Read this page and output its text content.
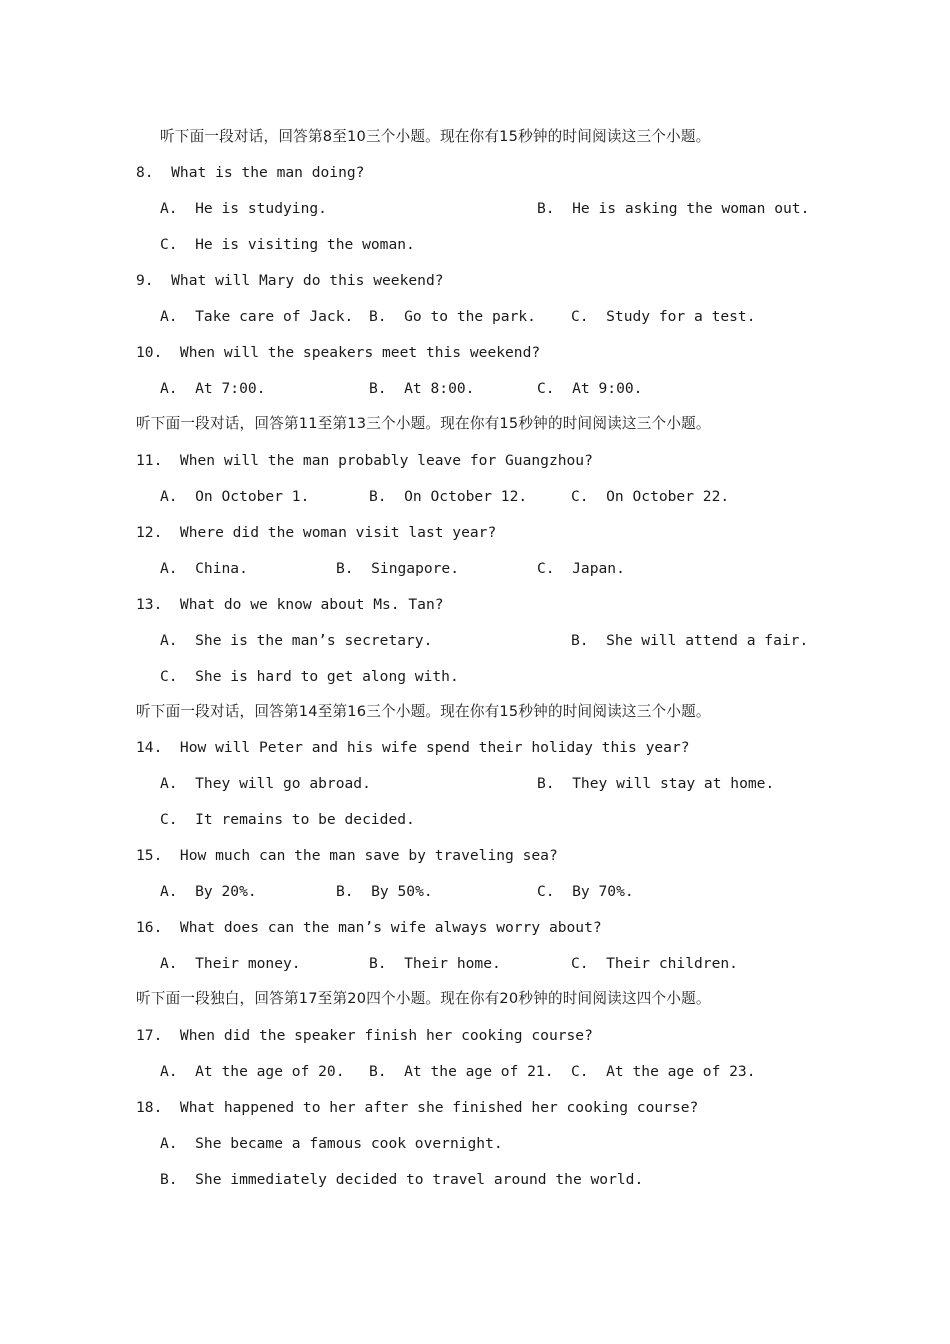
听下面一段对话，回答第8至10三个小题。现在你有15秒钟的时间阅读这三个小题。
8.  What is the man doing?
A.  He is studying.	B.  He is asking the woman out.
C.  He is visiting the woman.
9.  What will Mary do this weekend?
A.  Take care of Jack. B.  Go to the park. C.  Study for a test.
10.  When will the speakers meet this weekend?
A.  At 7:00.	B.  At 8:00.	C.  At 9:00.
听下面一段对话，回答第11至第13三个小题。现在你有15秒钟的时间阅读这三个小题。
11.  When will the man probably leave for Guangzhou?
A.  On October 1.	B.  On October 12.	C.  On October 22.
12.  Where did the woman visit last year?
A.  China.	B.  Singapore.	C.  Japan.
13.  What do we know about Ms. Tan?
A.  She is the man’s secretary.	B.  She will attend a fair.
C.  She is hard to get along with.
听下面一段对话，回答第14至第16三个小题。现在你有15秒钟的时间阅读这三个小题。
14.  How will Peter and his wife spend their holiday this year?
A.  They will go abroad.	B.  They will stay at home.
C.  It remains to be decided.
15.  How much can the man save by traveling sea?
A.  By 20%.	B.  By 50%.	C.  By 70%.
16.  What does can the man’s wife always worry about?
A.  Their money.	B.  Their home.	C.  Their children.
听下面一段独白，回答第17至第20四个小题。现在你有20秒钟的时间阅读这四个小题。
17.  When did the speaker finish her cooking course?
A.  At the age of 20. B.  At the age of 21. C.  At the age of 23.
18.  What happened to her after she finished her cooking course?
A.  She became a famous cook overnight.
B.  She immediately decided to travel around the world.
